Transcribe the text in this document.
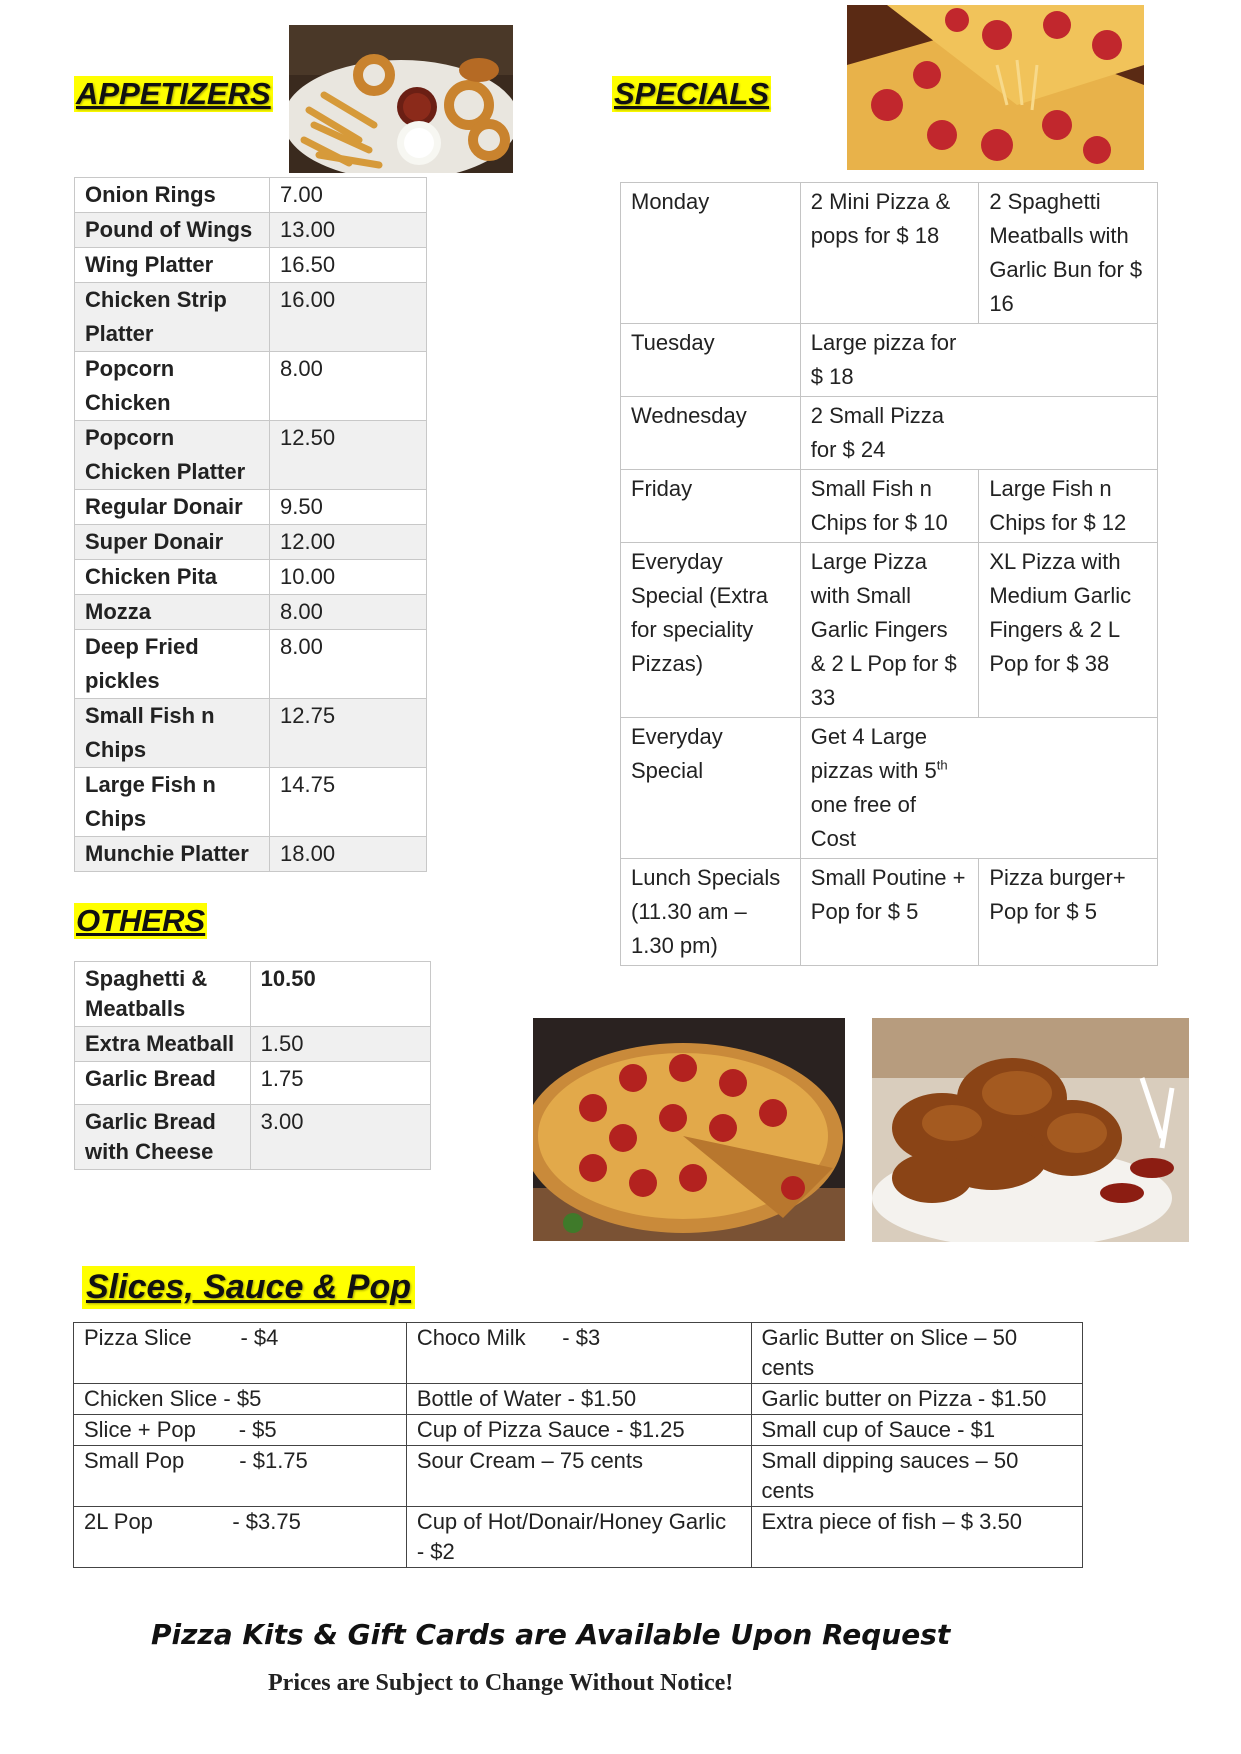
APPETIZERS	SPECIALS
OTHERS
Slices, Sauce & Pop
Onion Rings	7.00
Pound of Wings	13.00
Wing Platter	16.50
Chicken Strip Platter	16.00
Popcorn Chicken	8.00
Popcorn Chicken Platter	12.50
Regular Donair	9.50
Super Donair	12.00
Chicken Pita	10.00
Mozza	8.00
Deep Fried pickles	8.00
Small Fish n Chips	12.75
Large Fish n Chips	14.75
Munchie Platter	18.00
Monday	2 Mini Pizza & pops for $ 18	2 Spaghetti Meatballs with Garlic Bun for $ 16
Tuesday	Large pizza for $ 18	

Wednesday	2 Small Pizza for $ 24	

Friday	Small Fish n Chips for $ 10	Large Fish n Chips for $ 12
Everyday Special (Extra for speciality Pizzas)	Large Pizza with Small Garlic Fingers & 2 L Pop for $ 33	XL Pizza with Medium Garlic Fingers & 2 L Pop for $ 38
Everyday Special	Get 4 Large pizzas with 5th one free of Cost	

Lunch Specials (11.30 am – 1.30 pm)	Small Poutine + Pop for $ 5	Pizza burger+ Pop for $ 5
Spaghetti & Meatballs	10.50
Extra Meatball	1.50
Garlic Bread	1.75
Garlic Bread with Cheese	3.00
Pizza Slice        - $4	Choco Milk      - $3	Garlic Butter on Slice – 50 cents
Chicken Slice - $5	Bottle of Water - $1.50	Garlic butter on Pizza - $1.50
Slice + Pop       - $5	Cup of Pizza Sauce - $1.25	Small cup of Sauce - $1
Small Pop         - $1.75	Sour Cream – 75 cents	Small dipping sauces – 50 cents
2L Pop             - $3.75	Cup of Hot/Donair/Honey Garlic   - $2	Extra piece of fish – $ 3.50
Pizza Kits & Gift Cards are Available Upon Request
Prices are Subject to Change Without Notice!
